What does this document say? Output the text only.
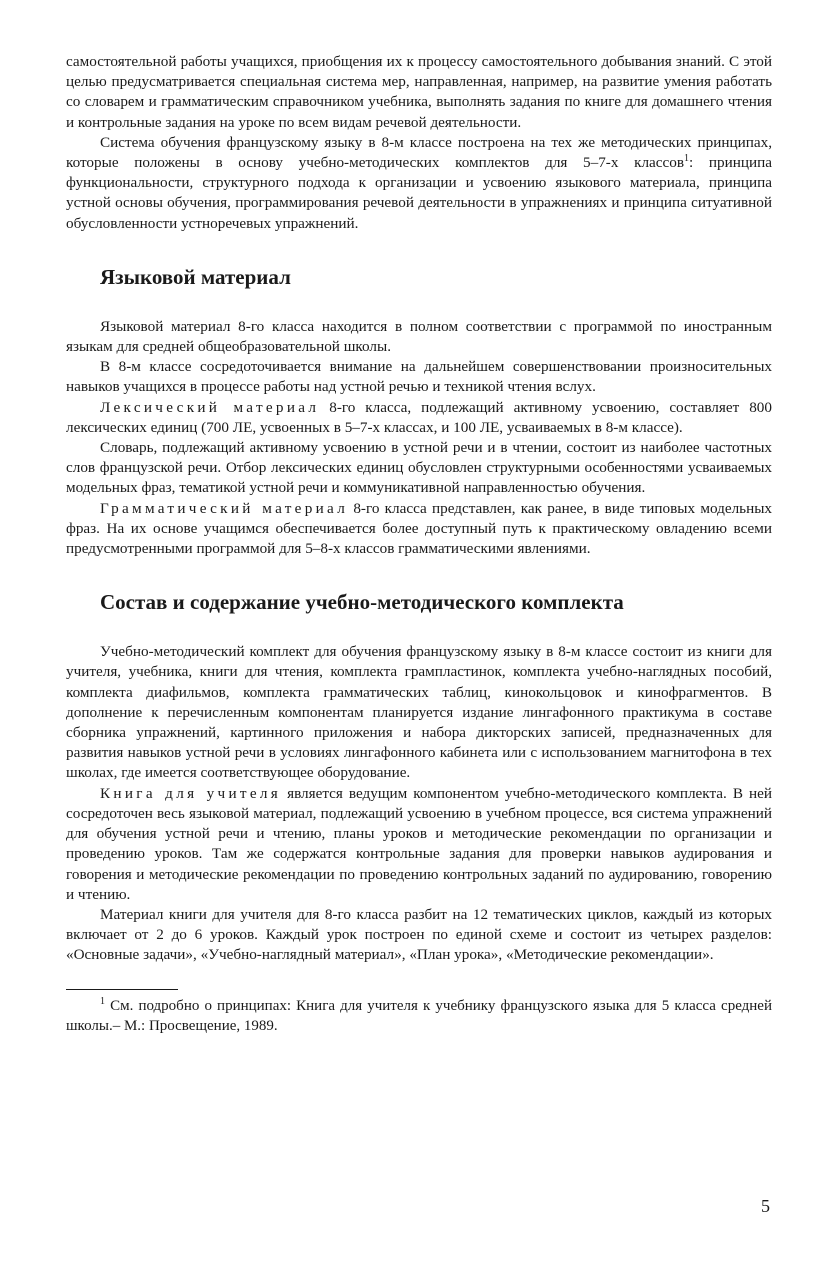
самостоятельной работы учащихся, приобщения их к процессу самостоятельного добывания знаний. С этой целью предусматривается специальная система мер, направленная, например, на развитие умения работать со словарем и грамматическим справочником учебника, выполнять задания по книге для домашнего чтения и контрольные задания на уроке по всем видам речевой деятельности.

Система обучения французскому языку в 8-м классе построена на тех же методических принципах, которые положены в основу учебно-методических комплектов для 5–7-х классов$^1$: принципа функциональности, структурного подхода к организации и усвоению языкового материала, принципа устной основы обучения, программирования речевой деятельности в упражнениях и принципа ситуативной обусловленности устноречевых упражнений.

Языковой материал

Языковой материал 8-го класса находится в полном соответствии с программой по иностранным языкам для средней общеобразовательной школы.

В 8-м классе сосредоточивается внимание на дальнейшем совершенствовании произносительных навыков учащихся в процессе работы над устной речью и техникой чтения вслух.

Лексический материал 8-го класса, подлежащий активному усвоению, составляет 800 лексических единиц (700 ЛЕ, усвоенных в 5–7-х классах, и 100 ЛЕ, усваиваемых в 8-м классе).

Словарь, подлежащий активному усвоению в устной речи и в чтении, состоит из наиболее частотных слов французской речи. Отбор лексических единиц обусловлен структурными особенностями усваиваемых модельных фраз, тематикой устной речи и коммуникативной направленностью обучения.

Грамматический материал 8-го класса представлен, как ранее, в виде типовых модельных фраз. На их основе учащимся обеспечивается более доступный путь к практическому овладению всеми предусмотренными программой для 5–8-х классов грамматическими явлениями.

Состав и содержание учебно-методического комплекта

Учебно-методический комплект для обучения французскому языку в 8-м классе состоит из книги для учителя, учебника, книги для чтения, комплекта грампластинок, комплекта учебно-наглядных пособий, комплекта диафильмов, комплекта грамматических таблиц, кинокольцовок и кинофрагментов. В дополнение к перечисленным компонентам планируется издание лингафонного практикума в составе сборника упражнений, картинного приложения и набора дикторских записей, предназначенных для развития навыков устной речи в условиях лингафонного кабинета или с использованием магнитофона в тех школах, где имеется соответствующее оборудование.

Книга для учителя является ведущим компонентом учебно-методического комплекта. В ней сосредоточен весь языковой материал, подлежащий усвоению в учебном процессе, вся система упражнений для обучения устной речи и чтению, планы уроков и методические рекомендации по организации и проведению уроков. Там же содержатся контрольные задания для проверки навыков аудирования и говорения и методические рекомендации по проведению контрольных заданий по аудированию, говорению и чтению.

Материал книги для учителя для 8-го класса разбит на 12 тематических циклов, каждый из которых включает от 2 до 6 уроков. Каждый урок построен по единой схеме и состоит из четырех разделов: «Основные задачи», «Учебно-наглядный материал», «План урока», «Методические рекомендации».

$^1$ См. подробно о принципах: Книга для учителя к учебнику французского языка для 5 класса средней школы.– М.: Просвещение, 1989.

5
